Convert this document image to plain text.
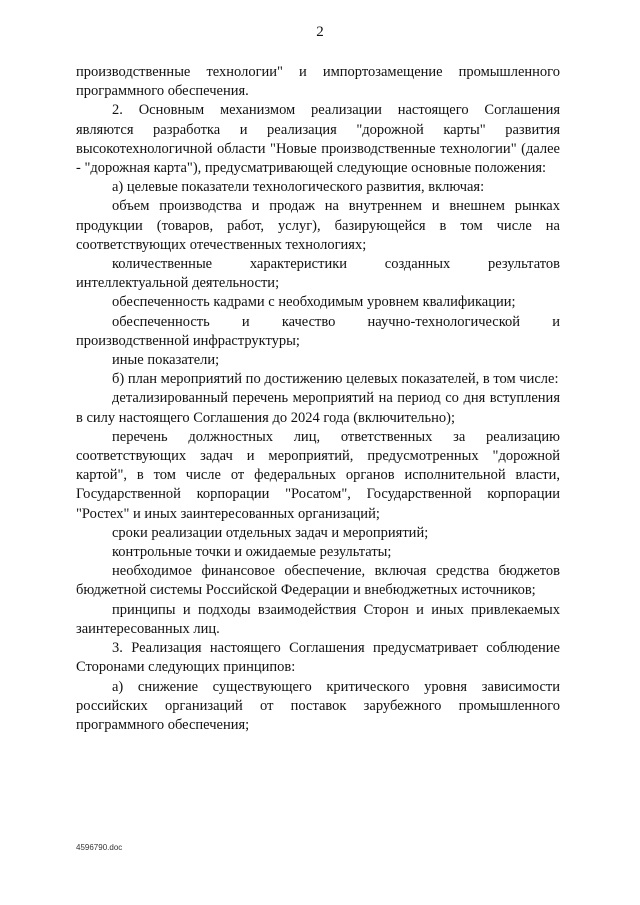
2

производственные технологии" и импортозамещение промышленного программного обеспечения.

2. Основным механизмом реализации настоящего Соглашения являются разработка и реализация "дорожной карты" развития высокотехнологичной области "Новые производственные технологии" (далее - "дорожная карта"), предусматривающей следующие основные положения:

а) целевые показатели технологического развития, включая:

объем производства и продаж на внутреннем и внешнем рынках продукции (товаров, работ, услуг), базирующейся в том числе на соответствующих отечественных технологиях;

количественные характеристики созданных результатов интеллектуальной деятельности;

обеспеченность кадрами с необходимым уровнем квалификации;

обеспеченность и качество научно-технологической и производственной инфраструктуры;

иные показатели;

б) план мероприятий по достижению целевых показателей, в том числе:

детализированный перечень мероприятий на период со дня вступления в силу настоящего Соглашения до 2024 года (включительно);

перечень должностных лиц, ответственных за реализацию соответствующих задач и мероприятий, предусмотренных "дорожной картой", в том числе от федеральных органов исполнительной власти, Государственной корпорации "Росатом", Государственной корпорации "Ростех" и иных заинтересованных организаций;

сроки реализации отдельных задач и мероприятий;

контрольные точки и ожидаемые результаты;

необходимое финансовое обеспечение, включая средства бюджетов бюджетной системы Российской Федерации и внебюджетных источников;

принципы и подходы взаимодействия Сторон и иных привлекаемых заинтересованных лиц.

3. Реализация настоящего Соглашения предусматривает соблюдение Сторонами следующих принципов:

а) снижение существующего критического уровня зависимости российских организаций от поставок зарубежного промышленного программного обеспечения;

4596790.doc
